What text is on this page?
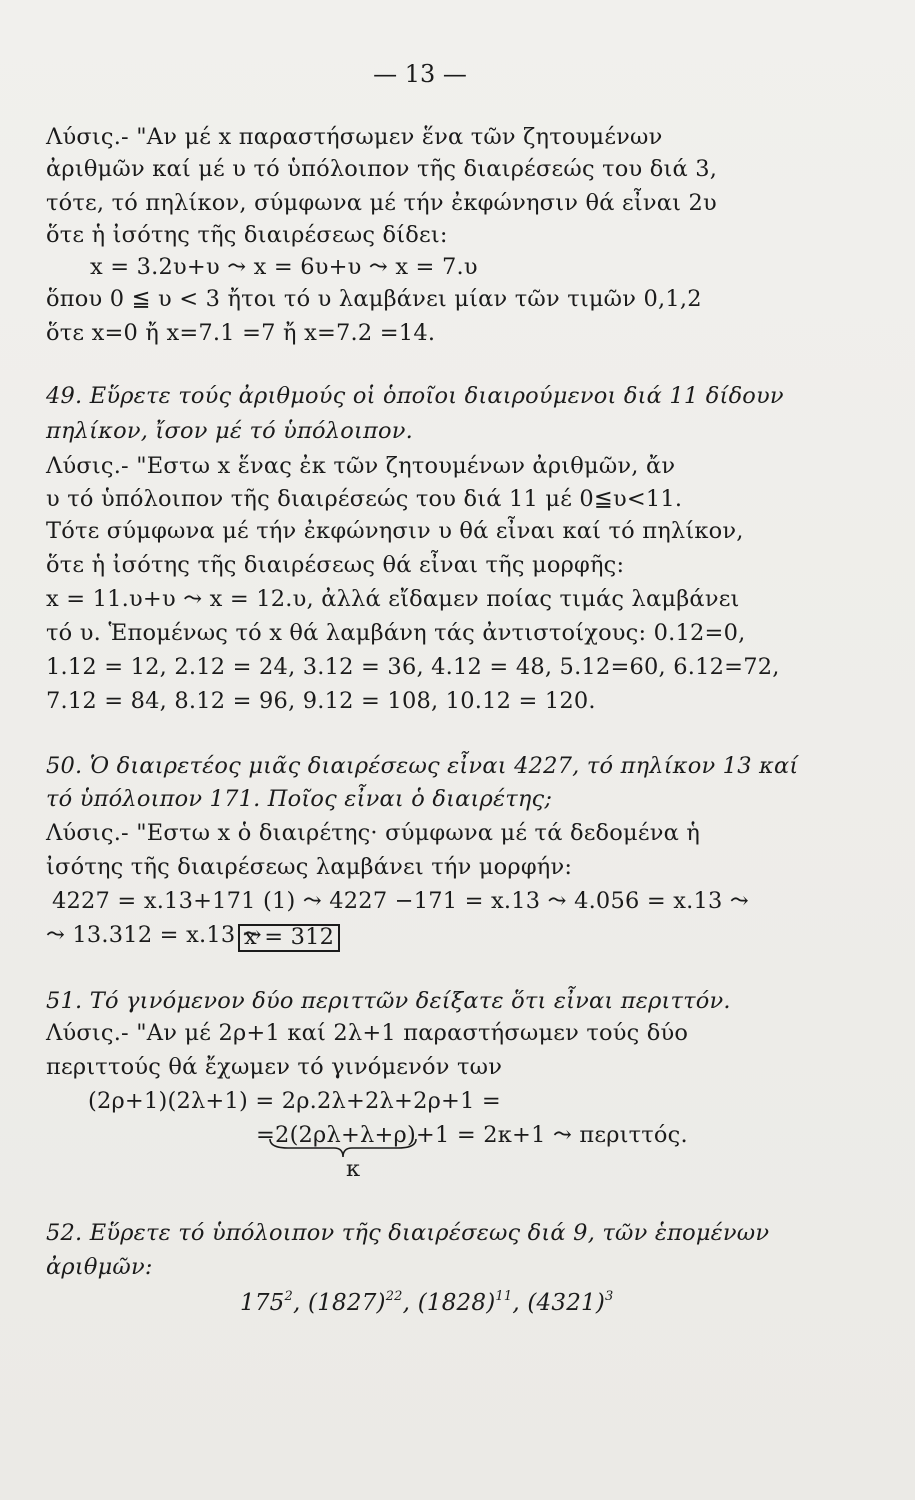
— 13 —
Λύσις.- "Αν μέ x παραστήσωμεν ἕνα τῶν ζητουμένων
ἀριθμῶν καί μέ υ τό ὑπόλοιπον τῆς διαιρέσεώς του διά 3,
τότε, τό πηλίκον, σύμφωνα μέ τήν ἐκφώνησιν θά εἶναι 2υ
ὅτε ἡ ἰσότης τῆς διαιρέσεως δίδει:
x = 3.2υ+υ ⤳ x = 6υ+υ ⤳ x = 7.υ
ὅπου 0 ≦ υ < 3 ἤτοι τό υ λαμβάνει μίαν τῶν τιμῶν 0,1,2
ὅτε x=0 ἤ x=7.1 =7 ἤ x=7.2 =14.
49. Εὕρετε τούς ἀριθμούς οἱ ὁποῖοι διαιρούμενοι διά 11 δίδουν
πηλίκον, ἴσον μέ τό ὑπόλοιπον.
Λύσις.- "Εστω x ἕνας ἐκ τῶν ζητουμένων ἀριθμῶν, ἄν
υ τό ὑπόλοιπον τῆς διαιρέσεώς του διά 11 μέ 0≦υ<11.
Τότε σύμφωνα μέ τήν ἐκφώνησιν υ θά εἶναι καί τό πηλίκον,
ὅτε ἡ ἰσότης τῆς διαιρέσεως θά εἶναι τῆς μορφῆς:
x = 11.υ+υ ⤳ x = 12.υ, ἀλλά εἴδαμεν ποίας τιμάς λαμβάνει
τό υ. Ἑπομένως τό x θά λαμβάνη τάς ἀντιστοίχους: 0.12=0,
1.12 = 12, 2.12 = 24, 3.12 = 36, 4.12 = 48, 5.12=60, 6.12=72,
7.12 = 84, 8.12 = 96, 9.12 = 108, 10.12 = 120.
50. Ὁ διαιρετέος μιᾶς διαιρέσεως εἶναι 4227, τό πηλίκον 13 καί
τό ὑπόλοιπον 171. Ποῖος εἶναι ὁ διαιρέτης;
Λύσις.- "Εστω x ὁ διαιρέτης· σύμφωνα μέ τά δεδομένα ἡ
ἰσότης τῆς διαιρέσεως λαμβάνει τήν μορφήν:
4227 = x.13+171 (1) ⤳ 4227 −171 = x.13 ⤳ 4.056 = x.13 ⤳
⤳ 13.312 = x.13 ⤳
51. Τό γινόμενον δύο περιττῶν δείξατε ὅτι εἶναι περιττόν.
Λύσις.- "Αν μέ 2ρ+1 καί 2λ+1 παραστήσωμεν τούς δύο
περιττούς θά ἔχωμεν τό γινόμενόν των
(2ρ+1)(2λ+1) = 2ρ.2λ+2λ+2ρ+1 =
=2(2ρλ+λ+ρ)+1 = 2κ+1 ⤳ περιττός.
κ
52. Εὕρετε τό ὑπόλοιπον τῆς διαιρέσεως διά 9, τῶν ἑπομένων
ἀριθμῶν:
x = 312
$175^2$, $(1827)^{22}$, $(1828)^{11}$, $(4321)^3$
